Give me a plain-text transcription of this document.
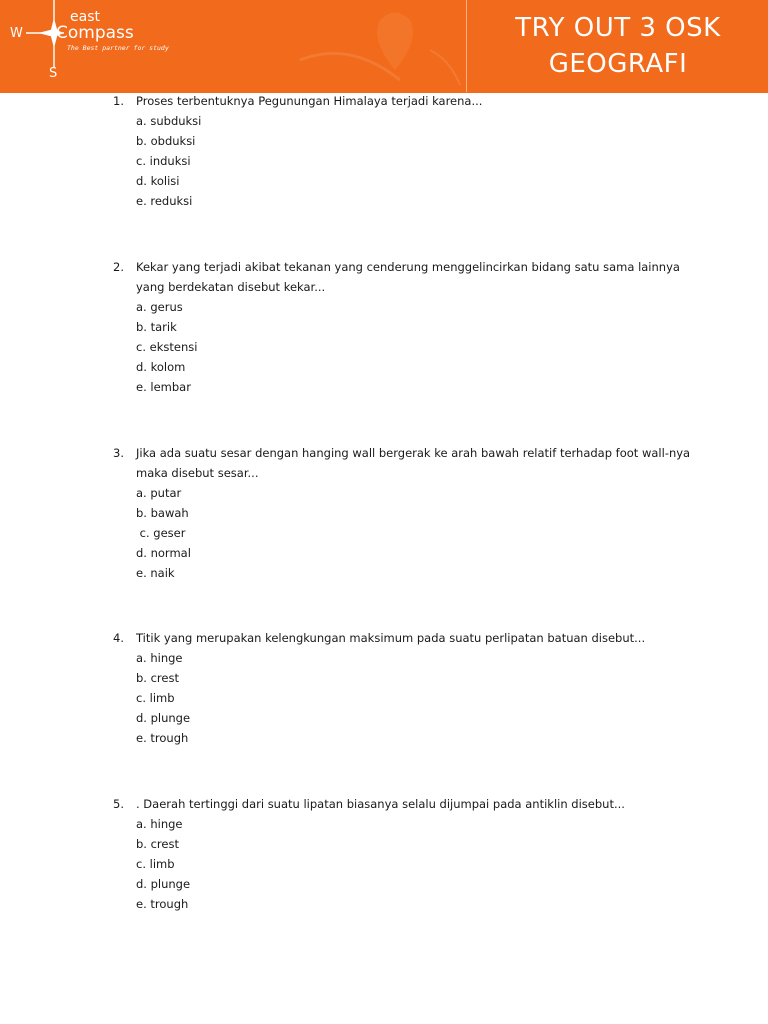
W
S
east
Compass
The Best partner for study
TRY OUT 3 OSK
GEOGRAFI
1.	Proses terbentuknya Pegunungan Himalaya terjadi karena...
a. subduksi
b. obduksi
c. induksi
d. kolisi
e. reduksi
2.	Kekar yang terjadi akibat tekanan yang cenderung menggelincirkan bidang satu sama lainnya
yang berdekatan disebut kekar...
a. gerus
b. tarik
c. ekstensi
d. kolom
e. lembar
3.	Jika ada suatu sesar dengan hanging wall bergerak ke arah bawah relatif terhadap foot wall-nya
maka disebut sesar...
a. putar
b. bawah
c. geser
d. normal
e. naik
4.	Titik yang merupakan kelengkungan maksimum pada suatu perlipatan batuan disebut...
a. hinge
b. crest
c. limb
d. plunge
e. trough
5.	. Daerah tertinggi dari suatu lipatan biasanya selalu dijumpai pada antiklin disebut...
a. hinge
b. crest
c. limb
d. plunge
e. trough
